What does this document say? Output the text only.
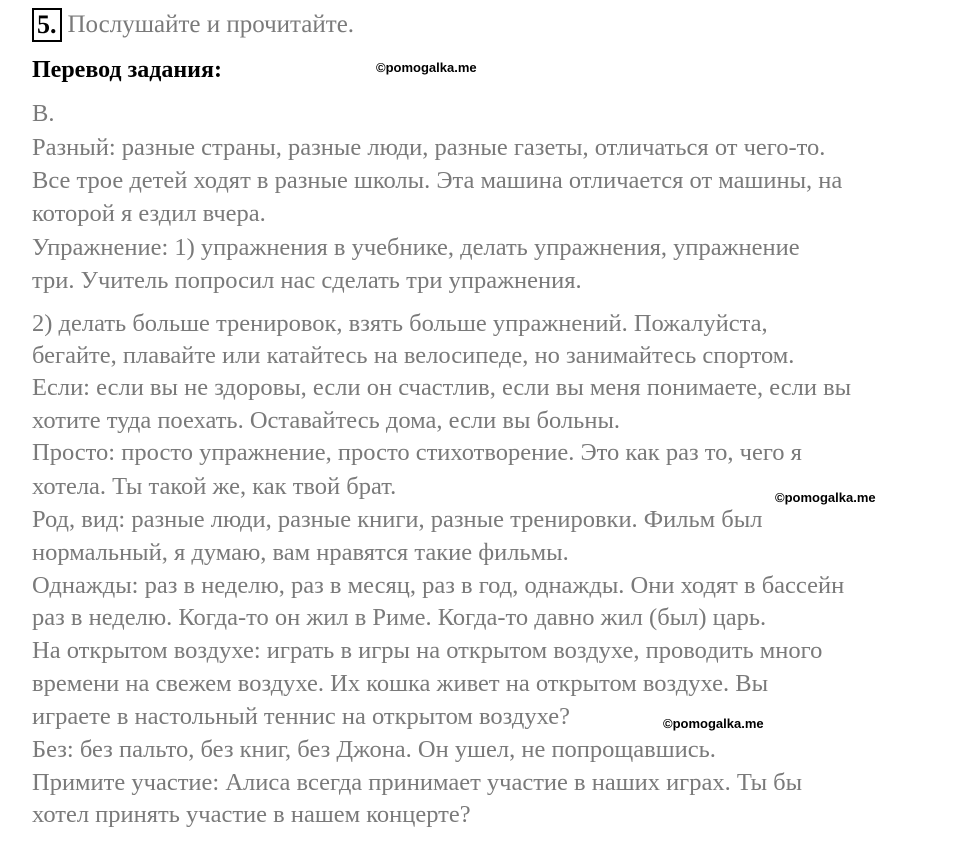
5. Послушайте и прочитайте.
Перевод задания:	©pomogalka.me
©pomogalka.me
©pomogalka.me
B.
Разный: разные страны, разные люди, разные газеты, отличаться от чего-то.
Все трое детей ходят в разные школы. Эта машина отличается от машины, на
которой я ездил вчера.
Упражнение: 1) упражнения в учебнике, делать упражнения, упражнение
три. Учитель попросил нас сделать три упражнения.
2) делать больше тренировок, взять больше упражнений. Пожалуйста,
бегайте, плавайте или катайтесь на велосипеде, но занимайтесь спортом.
Если: если вы не здоровы, если он счастлив, если вы меня понимаете, если вы
хотите туда поехать. Оставайтесь дома, если вы больны.
Просто: просто упражнение, просто стихотворение. Это как раз то, чего я
хотела. Ты такой же, как твой брат.
Род, вид: разные люди, разные книги, разные тренировки. Фильм был
нормальный, я думаю, вам нравятся такие фильмы.
Однажды: раз в неделю, раз в месяц, раз в год, однажды. Они ходят в бассейн
раз в неделю. Когда-то он жил в Риме. Когда-то давно жил (был) царь.
На открытом воздухе: играть в игры на открытом воздухе, проводить много
времени на свежем воздухе. Их кошка живет на открытом воздухе. Вы
играете в настольный теннис на открытом воздухе?
Без: без пальто, без книг, без Джона. Он ушел, не попрощавшись.
Примите участие: Алиса всегда принимает участие в наших играх. Ты бы
хотел принять участие в нашем концерте?
